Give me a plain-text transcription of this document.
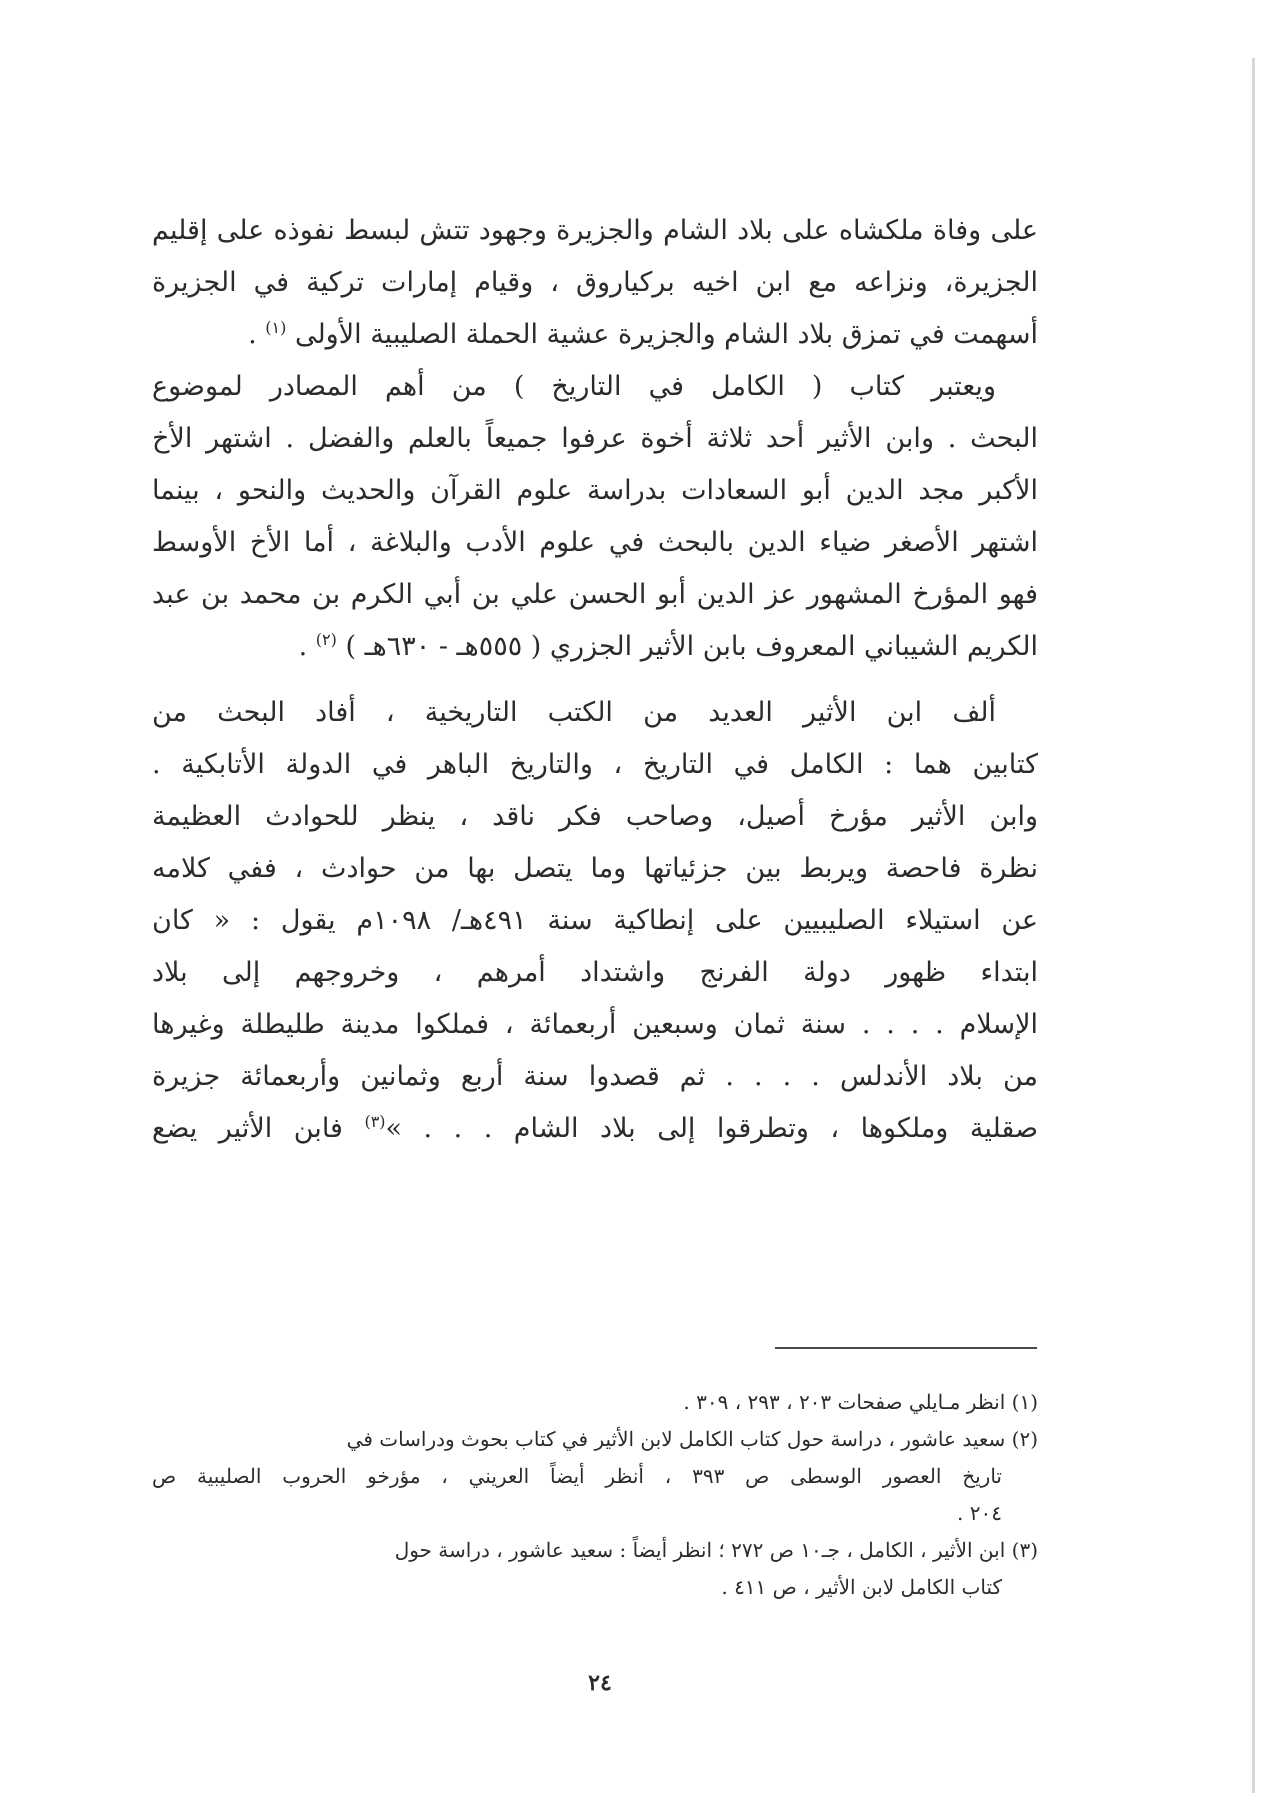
على وفاة ملكشاه على بلاد الشام والجزيرة وجهود تتش لبسط نفوذه على إقليم
الجزيرة، ونزاعه مع ابن اخيه بركياروق ، وقيام إمارات تركية في الجزيرة
أسهمت في تمزق بلاد الشام والجزيرة عشية الحملة الصليبية الأولى $^{(١)}$ .
ويعتبر كتاب ( الكامل في التاريخ ) من أهم المصادر لموضوع
البحث . وابن الأثير أحد ثلاثة أخوة عرفوا جميعاً بالعلم والفضل . اشتهر الأخ
الأكبر مجد الدين أبو السعادات بدراسة علوم القرآن والحديث والنحو ، بينما
اشتهر الأصغر ضياء الدين بالبحث في علوم الأدب والبلاغة ، أما الأخ الأوسط
فهو المؤرخ المشهور عز الدين أبو الحسن علي بن أبي الكرم بن محمد بن عبد
الكريم الشيباني المعروف بابن الأثير الجزري ( ٥٥٥هـ - ٦٣٠هـ ) $^{(٢)}$ .
ألف ابن الأثير العديد من الكتب التاريخية ، أفاد البحث من
كتابين هما : الكامل في التاريخ ، والتاريخ الباهر في الدولة الأتابكية .
وابن الأثير مؤرخ أصيل، وصاحب فكر ناقد ، ينظر للحوادث العظيمة
نظرة فاحصة ويربط بين جزئياتها وما يتصل بها من حوادث ، ففي كلامه
عن استيلاء الصليبيين على إنطاكية سنة ٤٩١هـ/ ١٠٩٨م يقول : « كان
ابتداء ظهور دولة الفرنج واشتداد أمرهم ، وخروجهم إلى بلاد
الإسلام . . . . سنة ثمان وسبعين أربعمائة ، فملكوا مدينة طليطلة وغيرها
من بلاد الأندلس . . . . ثم قصدوا سنة أربع وثمانين وأربعمائة جزيرة
صقلية وملكوها ، وتطرقوا إلى بلاد الشام . . . »$^{(٣)}$ فابن الأثير يضع
(١) انظر مـايلي صفحات ٢٠٣ ، ٢٩٣ ، ٣٠٩ .
(٢) سعيد عاشور ، دراسة حول كتاب الكامل لابن الأثير في كتاب بحوث ودراسات في
تاريخ العصور الوسطى ص ٣٩٣ ، أنظر أيضاً العريني ، مؤرخو الحروب الصليبية ص
٢٠٤ .
(٣) ابن الأثير ، الكامل ، جـ١٠ ص ٢٧٢ ؛ انظر أيضاً : سعيد عاشور ، دراسة حول
كتاب الكامل لابن الأثير ، ص ٤١١ .
٢٤
